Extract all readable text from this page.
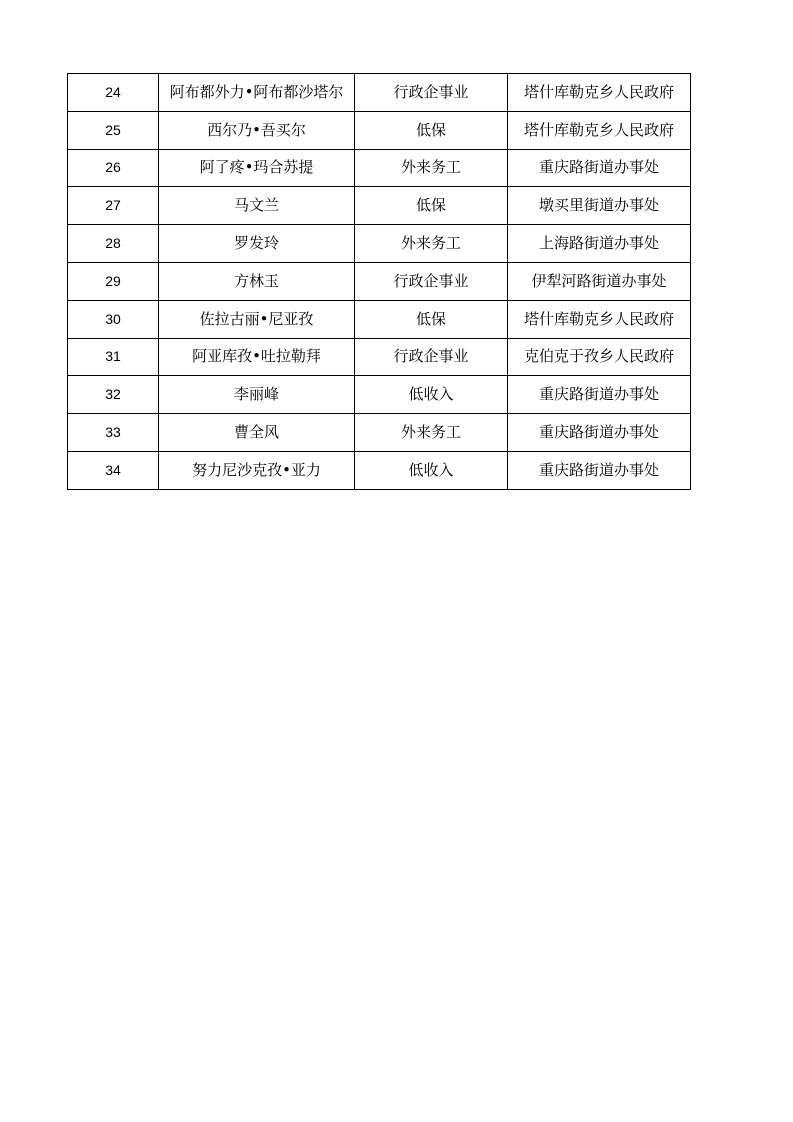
24	阿布都外力•阿布都沙塔尔	行政企事业	塔什库勒克乡人民政府
25	西尔乃•吾买尔	低保	塔什库勒克乡人民政府
26	阿了疼•玛合苏提	外来务工	重庆路街道办事处
27	马文兰	低保	墩买里街道办事处
28	罗发玲	外来务工	上海路街道办事处
29	方林玉	行政企事业	伊犁河路街道办事处
30	佐拉古丽•尼亚孜	低保	塔什库勒克乡人民政府
31	阿亚库孜•吐拉勒拜	行政企事业	克伯克于孜乡人民政府
32	李丽峰	低收入	重庆路街道办事处
33	曹全风	外来务工	重庆路街道办事处
34	努力尼沙克孜•亚力	低收入	重庆路街道办事处
